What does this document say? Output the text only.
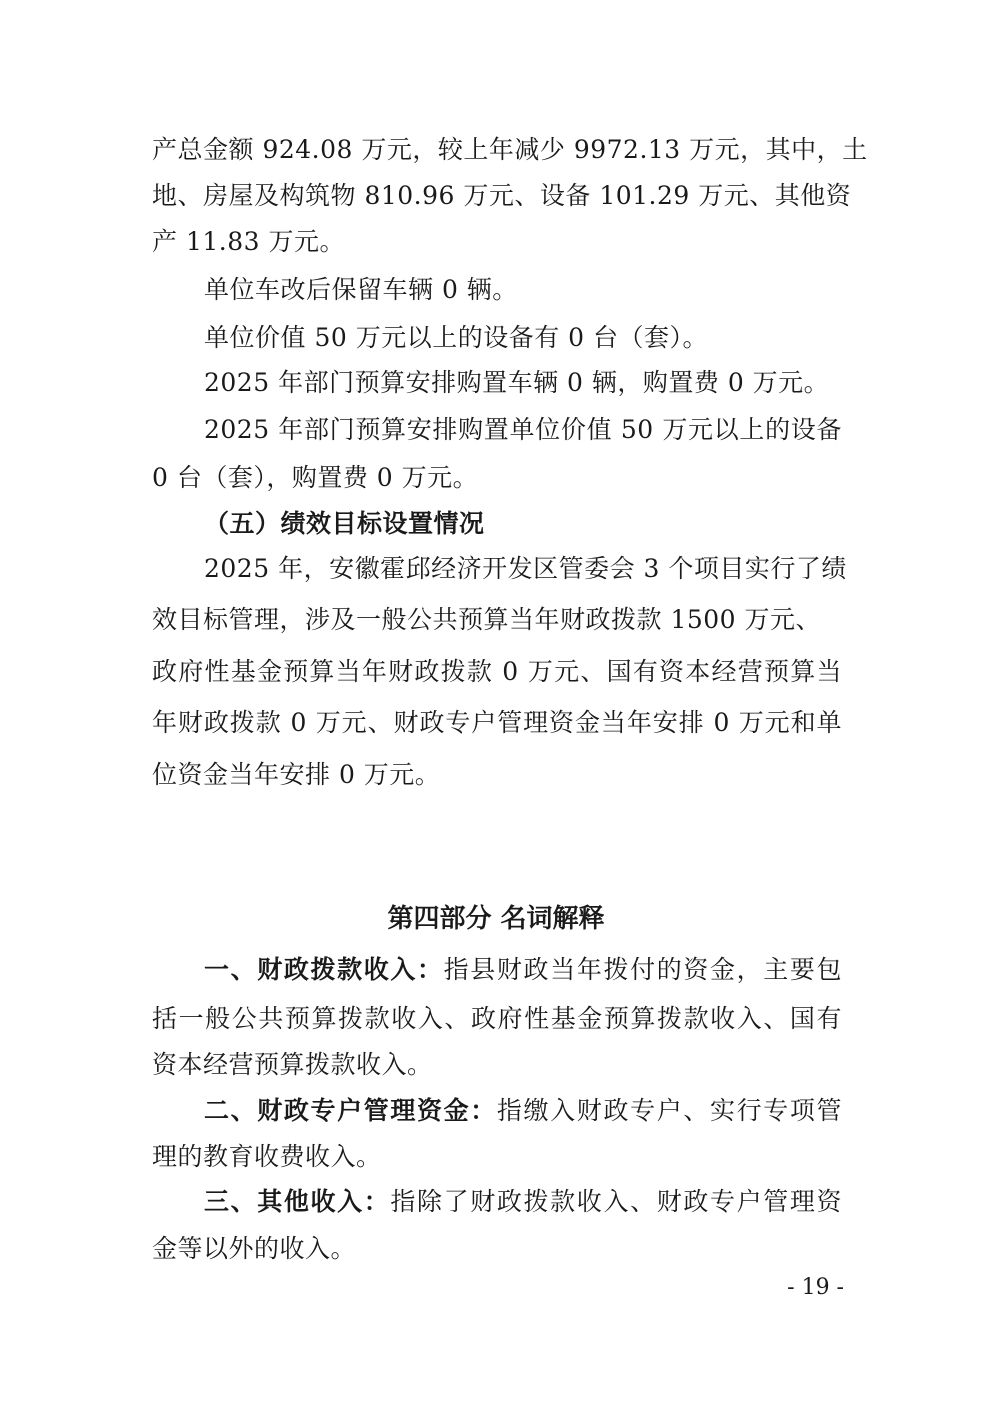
产总金额 924.08 万元，较上年减少 9972.13 万元，其中，土
地、房屋及构筑物 810.96 万元、设备 101.29 万元、其他资
产 11.83 万元。
单位车改后保留车辆 0 辆。
单位价值 50 万元以上的设备有 0 台（套）。
2025 年部门预算安排购置车辆 0 辆，购置费 0 万元。
2025 年部门预算安排购置单位价值 50 万元以上的设备
0 台（套），购置费 0 万元。
（五）绩效目标设置情况
2025 年，安徽霍邱经济开发区管委会 3 个项目实行了绩
效目标管理，涉及一般公共预算当年财政拨款 1500 万元、
政府性基金预算当年财政拨款 0 万元、国有资本经营预算当
年财政拨款 0 万元、财政专户管理资金当年安排 0 万元和单
位资金当年安排 0 万元。
第四部分 名词解释
一、财政拨款收入：指县财政当年拨付的资金，主要包
括一般公共预算拨款收入、政府性基金预算拨款收入、国有
资本经营预算拨款收入。
二、财政专户管理资金：指缴入财政专户、实行专项管
理的教育收费收入。
三、其他收入：指除了财政拨款收入、财政专户管理资
金等以外的收入。
- 19 -
